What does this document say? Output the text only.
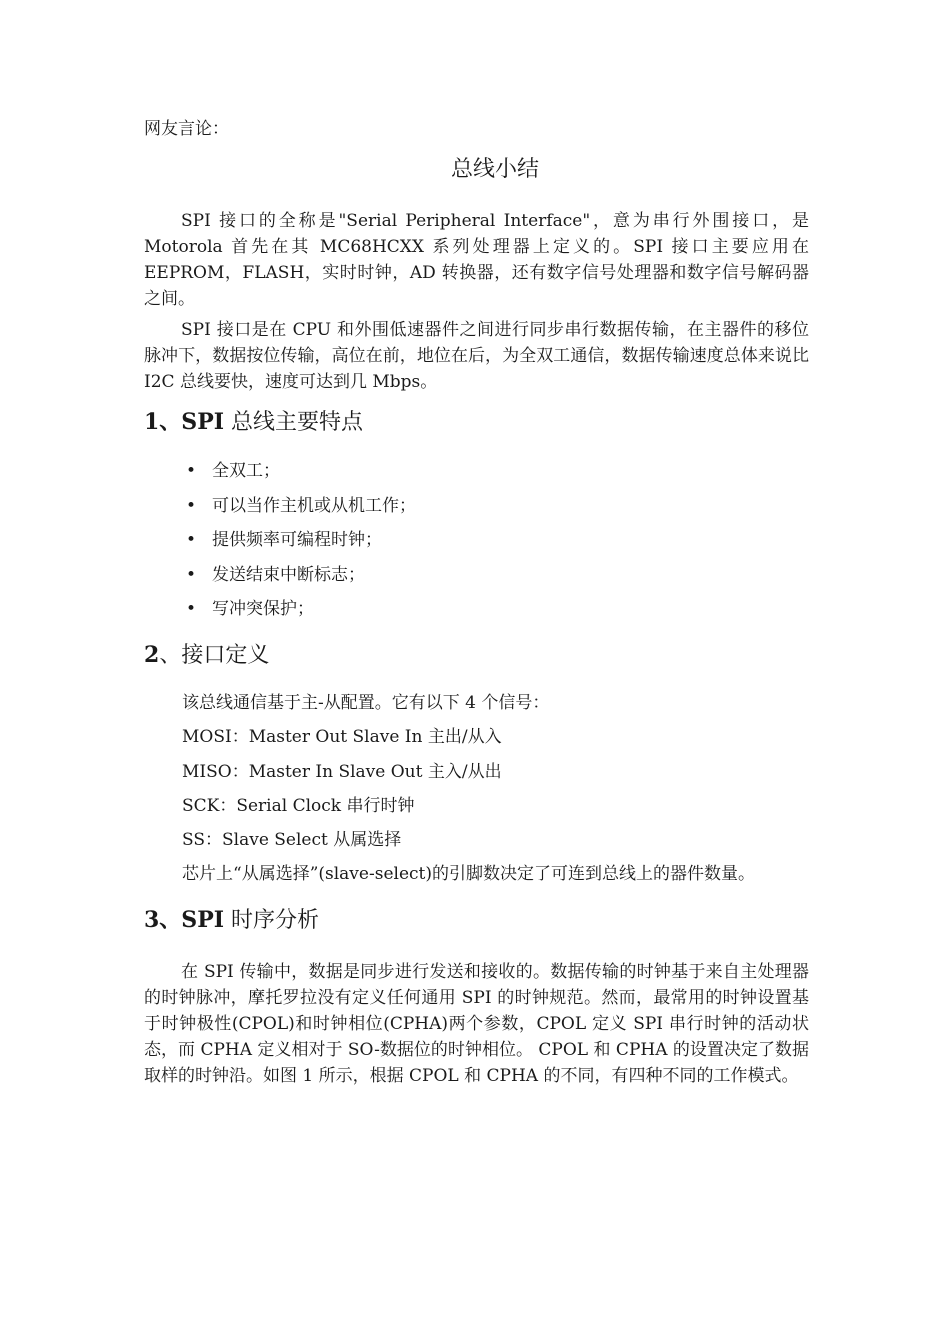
网友言论：
总线小结

SPI 接口的全称是"Serial Peripheral Interface"，意为串行外围接口，是Motorola 首先在其 MC68HCXX 系列处理器上定义的。SPI 接口主要应用在EEPROM，FLASH，实时时钟，AD 转换器，还有数字信号处理器和数字信号解码器之间。

SPI 接口是在 CPU 和外围低速器件之间进行同步串行数据传输，在主器件的移位脉冲下，数据按位传输，高位在前，地位在后，为全双工通信，数据传输速度总体来说比 I2C 总线要快，速度可达到几 Mbps。

1、SPI 总线主要特点
• 全双工；
• 可以当作主机或从机工作；
• 提供频率可编程时钟；
• 发送结束中断标志；
• 写冲突保护；
2、接口定义
该总线通信基于主-从配置。它有以下 4 个信号：
MOSI：Master Out Slave In 主出/从入
MISO：Master In Slave Out 主入/从出
SCK：Serial Clock 串行时钟
SS：Slave Select 从属选择
芯片上“从属选择”(slave-select)的引脚数决定了可连到总线上的器件数量。
3、SPI 时序分析

在 SPI 传输中，数据是同步进行发送和接收的。数据传输的时钟基于来自主处理器的时钟脉冲，摩托罗拉没有定义任何通用 SPI 的时钟规范。然而，最常用的时钟设置基于时钟极性(CPOL)和时钟相位(CPHA)两个参数，CPOL 定义 SPI 串行时钟的活动状态，而 CPHA 定义相对于 SO-数据位的时钟相位。 CPOL 和 CPHA 的设置决定了数据取样的时钟沿。如图 1 所示，根据 CPOL 和 CPHA 的不同，有四种不同的工作模式。
